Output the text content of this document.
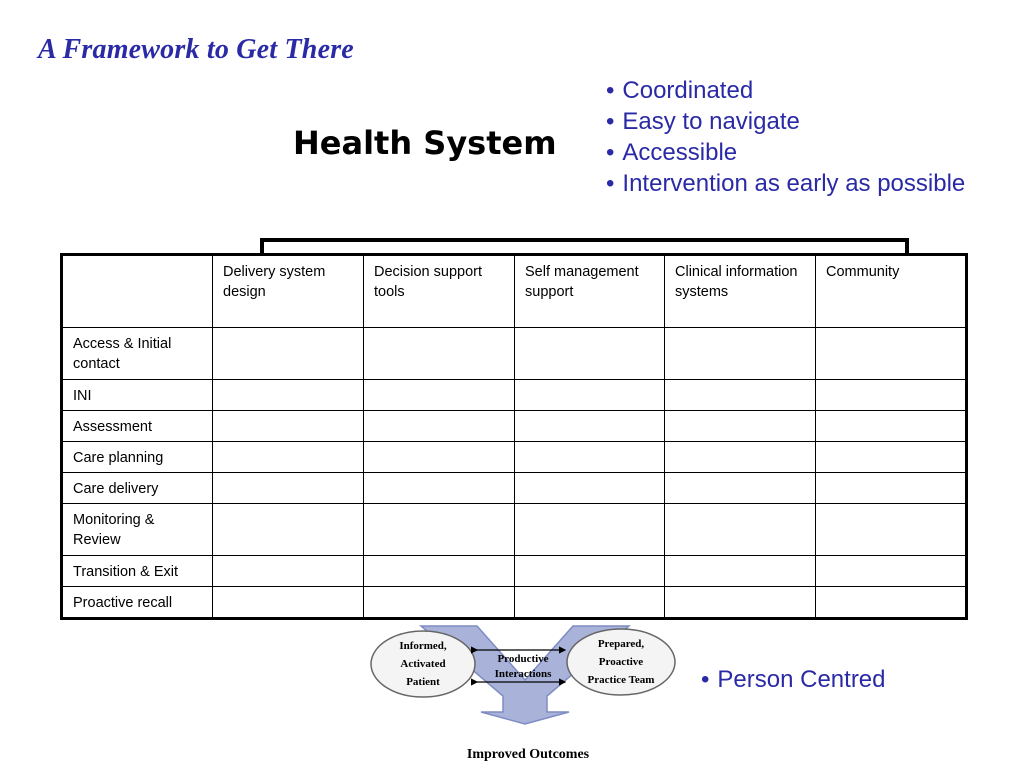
A Framework to Get There
Health System
• Coordinated
• Easy to navigate
• Accessible
• Intervention as early as possible
	Delivery system design	Decision support tools	Self management support	Clinical information systems	Community
Access & Initial contact					
INI					
Assessment					
Care planning					
Care delivery					
Monitoring & Review					
Transition & Exit					
Proactive recall					
Informed,
Activated
Patient
Prepared,
Proactive
Practice Team
Productive
Interactions
Improved Outcomes
• Person Centred
